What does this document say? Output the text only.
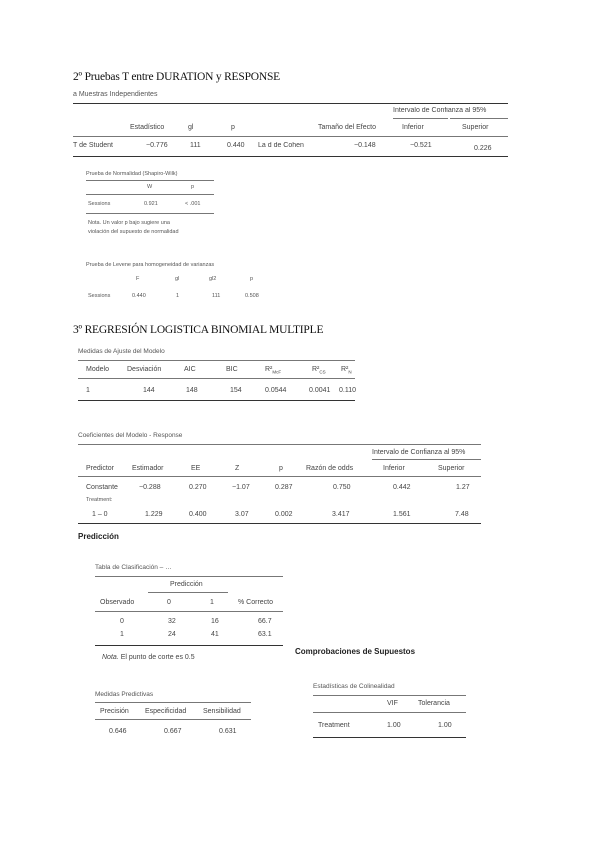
2º Pruebas T entre DURATION y RESPONSE
a Muestras Independientes
Intervalo de Confianza al 95%
Estadístico	gl	p	Tamaño del Efecto	Inferior	Superior
T de Student	−0.776	111	0.440 La d de Cohen	−0.148	−0.521	0.226
Prueba de Normalidad (Shapiro-Wilk)
W	p
Sessions	0.921	< .001
Nota. Un valor p bajo sugiere una
violación del supuesto de normalidad
Prueba de Levene para homogeneidad de varianzas
F	gl	gl2	p
Sessions	0.440	1	111	0.508
3º REGRESIÓN LOGISTICA BINOMIAL MULTIPLE
Medidas de Ajuste del Modelo
Modelo	Desviación	AIC	BIC	$R^2_{McF}$	$R^2_{CS}$ $R^2_N$
1	144	148	154	0.0544	0.0041 0.110
Coeficientes del Modelo - Response
Intervalo de Confianza al 95%
Predictor	Estimador	EE	Z	p	Razón de odds	Inferior	Superior
Constante	−0.288	0.270	−1.07	0.287	0.750	0.442	1.27
Treatment:
1 – 0	1.229	0.400	3.07	0.002	3.417	1.561	7.48
Predicción
Tabla de Clasificación – …
Predicción
Observado	0	1	% Correcto
0	32	16	66.7
1	24	41	63.1
Nota. El punto de corte es 0.5
Medidas Predictivas
Precisión Especificidad Sensibilidad
0.646	0.667	0.631
Comprobaciones de Supuestos
Estadísticas de Colinealidad
VIF	Tolerancia
Treatment	1.00	1.00
